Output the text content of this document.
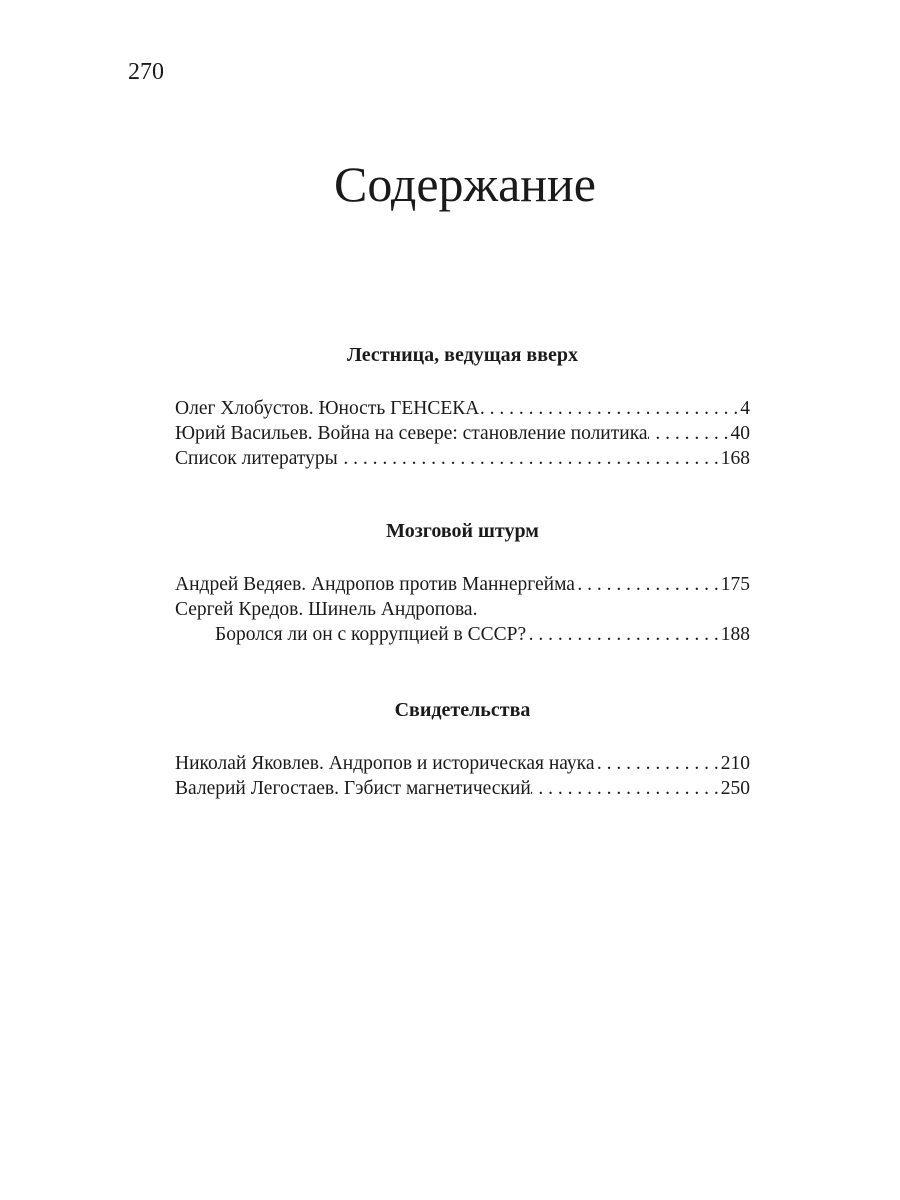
270
Содержание
Лестница, ведущая вверх
Олег Хлобустов. Юность ГЕНСЕКА . . .	4
Юрий Васильев. Война на севере: становление политика . . .	40
Список литературы . . .	168
Мозговой штурм
Андрей Ведяев. Андропов против Маннергейма . . .	175
Сергей Кредов. Шинель Андропова.
Боролся ли он с коррупцией в СССР? . . .	188
Свидетельства
Николай Яковлев. Андропов и историческая наука . . .	210
Валерий Легостаев. Гэбист магнетический . . .	250
